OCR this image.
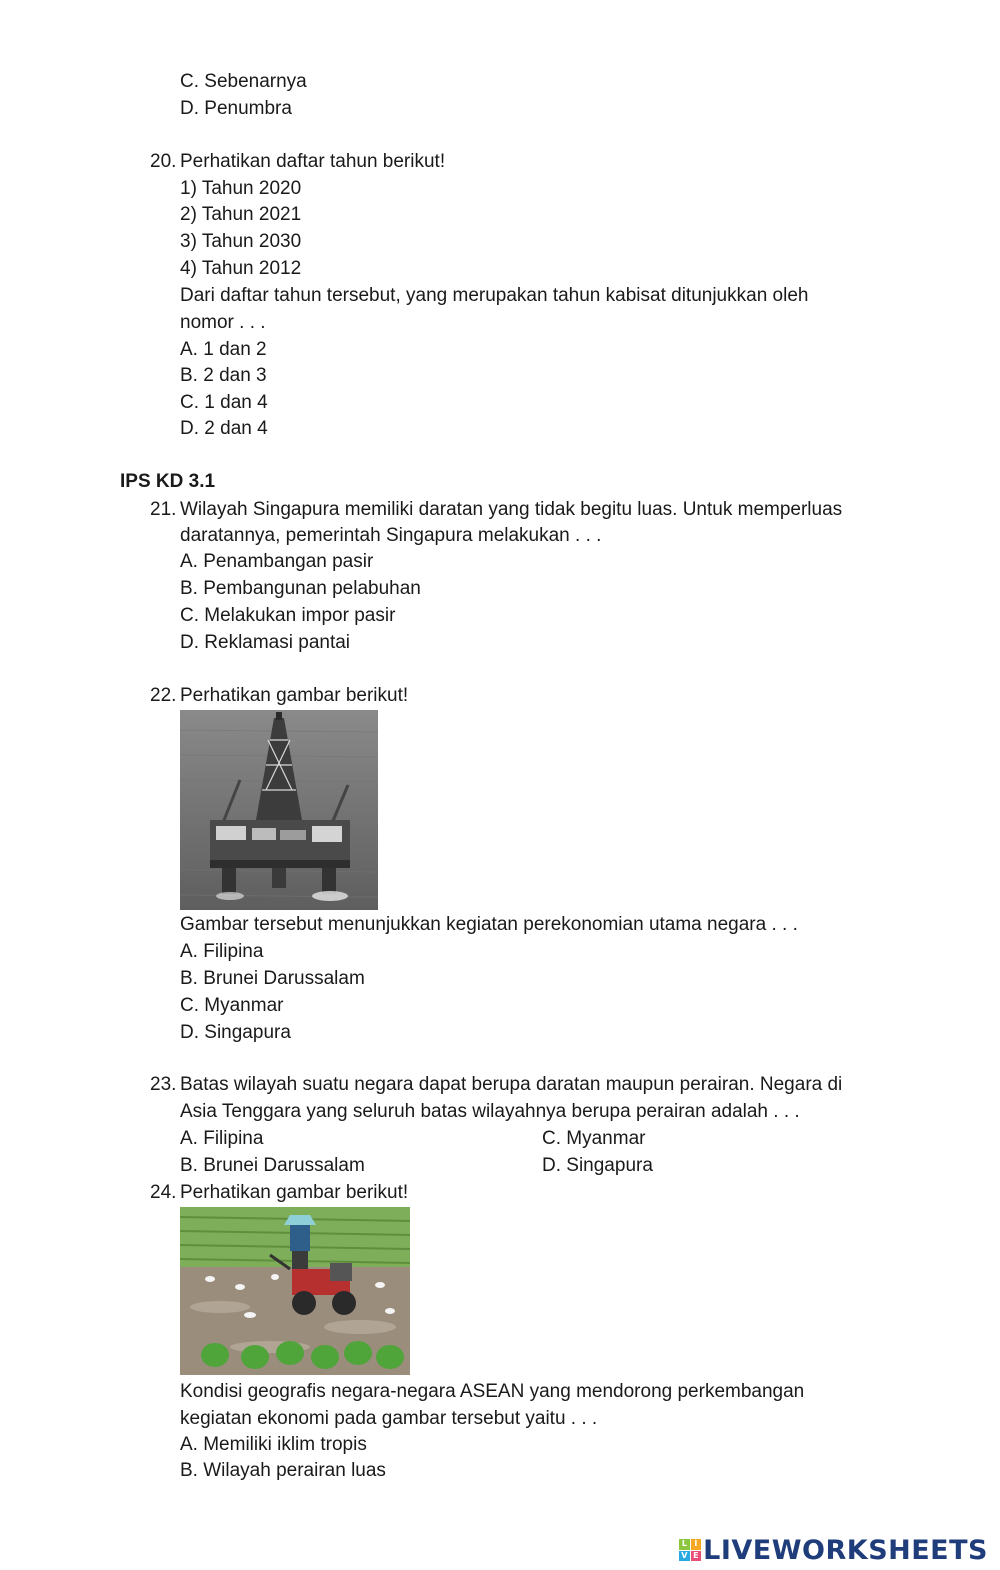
C. Sebenarnya
D. Penumbra
20. Perhatikan daftar tahun berikut!
1) Tahun 2020
2) Tahun 2021
3) Tahun 2030
4) Tahun 2012
Dari daftar tahun tersebut, yang merupakan tahun kabisat ditunjukkan oleh
nomor . . .
A. 1 dan 2
B. 2 dan 3
C. 1 dan 4
D. 2 dan 4
IPS KD 3.1
21. Wilayah Singapura memiliki daratan yang tidak begitu luas. Untuk memperluas
daratannya, pemerintah Singapura melakukan . . .
A. Penambangan pasir
B. Pembangunan pelabuhan
C. Melakukan impor pasir
D. Reklamasi pantai
22. Perhatikan gambar berikut!
Gambar tersebut menunjukkan kegiatan perekonomian utama negara . . .
A. Filipina
B. Brunei Darussalam
C. Myanmar
D. Singapura
23. Batas wilayah suatu negara dapat berupa daratan maupun perairan. Negara di
Asia Tenggara yang seluruh batas wilayahnya berupa perairan adalah . . .
A. Filipina
B. Brunei Darussalam
C. Myanmar
D. Singapura
24. Perhatikan gambar berikut!
Kondisi geografis negara-negara ASEAN yang mendorong perkembangan
kegiatan ekonomi pada gambar tersebut yaitu . . .
A. Memiliki iklim tropis
B. Wilayah perairan luas
L I
V E LIVEWORKSHEETS
